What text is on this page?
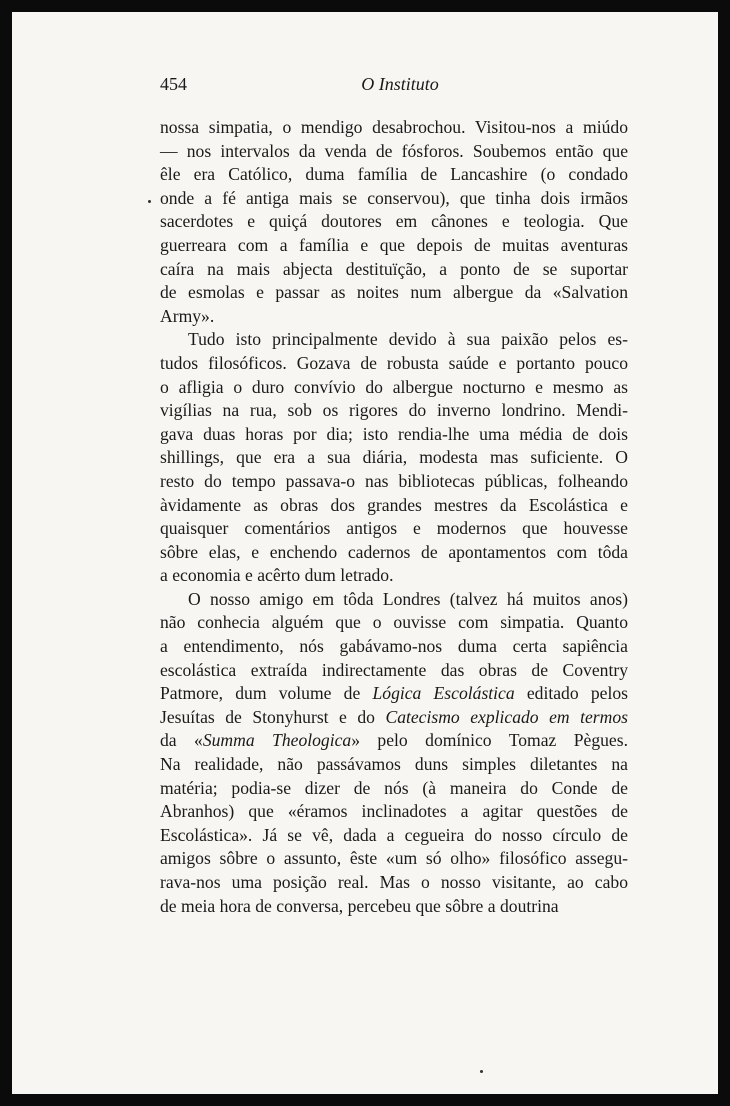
454	O Instituto
nossa simpatia, o mendigo desabrochou. Visitou-nos a miúdo
— nos intervalos da venda de fósforos. Soubemos então que
êle era Católico, duma família de Lancashire (o condado
onde a fé antiga mais se conservou), que tinha dois irmãos
sacerdotes e quiçá doutores em cânones e teologia. Que
guerreara com a família e que depois de muitas aventuras
caíra na mais abjecta destituïção, a ponto de se suportar
de esmolas e passar as noites num albergue da «Salvation
Army».
Tudo isto principalmente devido à sua paixão pelos es-
tudos filosóficos. Gozava de robusta saúde e portanto pouco
o afligia o duro convívio do albergue nocturno e mesmo as
vigílias na rua, sob os rigores do inverno londrino. Mendi-
gava duas horas por dia; isto rendia-lhe uma média de dois
shillings, que era a sua diária, modesta mas suficiente. O
resto do tempo passava-o nas bibliotecas públicas, folheando
àvidamente as obras dos grandes mestres da Escolástica e
quaisquer comentários antigos e modernos que houvesse
sôbre elas, e enchendo cadernos de apontamentos com tôda
a economia e acêrto dum letrado.
O nosso amigo em tôda Londres (talvez há muitos anos)
não conhecia alguém que o ouvisse com simpatia. Quanto
a entendimento, nós gabávamo-nos duma certa sapiência
escolástica extraída indirectamente das obras de Coventry
Patmore, dum volume de Lógica Escolástica editado pelos
Jesuítas de Stonyhurst e do Catecismo explicado em termos
da «Summa Theologica» pelo domínico Tomaz Pègues.
Na realidade, não passávamos duns simples diletantes na
matéria; podia-se dizer de nós (à maneira do Conde de
Abranhos) que «éramos inclinadotes a agitar questões de
Escolástica». Já se vê, dada a cegueira do nosso círculo de
amigos sôbre o assunto, êste «um só olho» filosófico assegu-
rava-nos uma posição real. Mas o nosso visitante, ao cabo
de meia hora de conversa, percebeu que sôbre a doutrina
